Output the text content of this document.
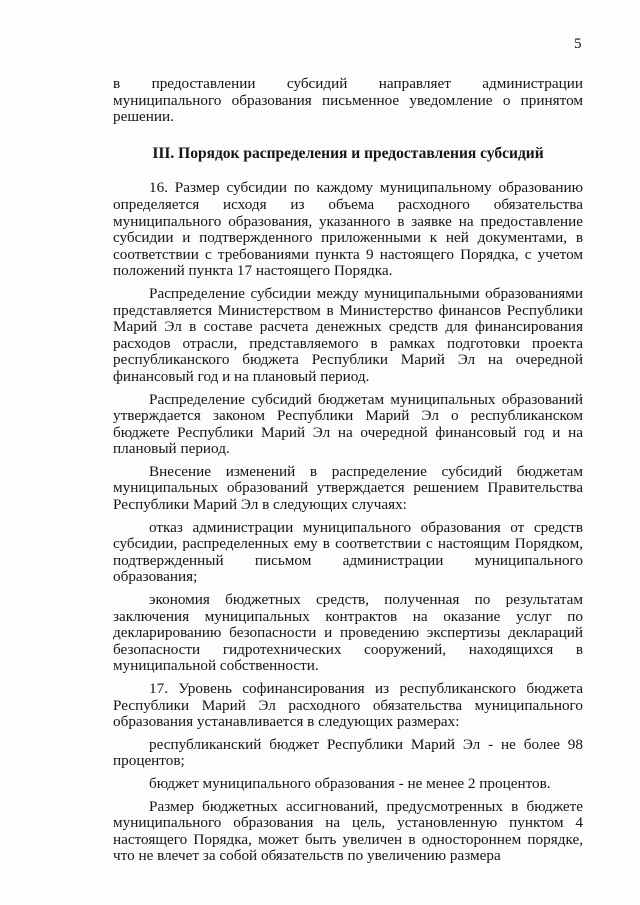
5

в предоставлении субсидий направляет администрации муниципального образования письменное уведомление о принятом решении.

III. Порядок распределения и предоставления субсидий

16. Размер субсидии по каждому муниципальному образованию определяется исходя из объема расходного обязательства муниципального образования, указанного в заявке на предоставление субсидии и подтвержденного приложенными к ней документами, в соответствии с требованиями пункта 9 настоящего Порядка, с учетом положений пункта 17 настоящего Порядка.

Распределение субсидии между муниципальными образованиями представляется Министерством в Министерство финансов Республики Марий Эл в составе расчета денежных средств для финансирования расходов отрасли, представляемого в рамках подготовки проекта республиканского бюджета Республики Марий Эл на очередной финансовый год и на плановый период.

Распределение субсидий бюджетам муниципальных образований утверждается законом Республики Марий Эл о республиканском бюджете Республики Марий Эл на очередной финансовый год и на плановый период.

Внесение изменений в распределение субсидий бюджетам муниципальных образований утверждается решением Правительства Республики Марий Эл в следующих случаях:

отказ администрации муниципального образования от средств субсидии, распределенных ему в соответствии с настоящим Порядком, подтвержденный письмом администрации муниципального образования;

экономия бюджетных средств, полученная по результатам заключения муниципальных контрактов на оказание услуг по декларированию безопасности и проведению экспертизы деклараций безопасности гидротехнических сооружений, находящихся в муниципальной собственности.

17. Уровень софинансирования из республиканского бюджета Республики Марий Эл расходного обязательства муниципального образования устанавливается в следующих размерах:

республиканский бюджет Республики Марий Эл - не более 98 процентов;

бюджет муниципального образования - не менее 2 процентов.

Размер бюджетных ассигнований, предусмотренных в бюджете муниципального образования на цель, установленную пунктом 4 настоящего Порядка, может быть увеличен в одностороннем порядке, что не влечет за собой обязательств по увеличению размера
